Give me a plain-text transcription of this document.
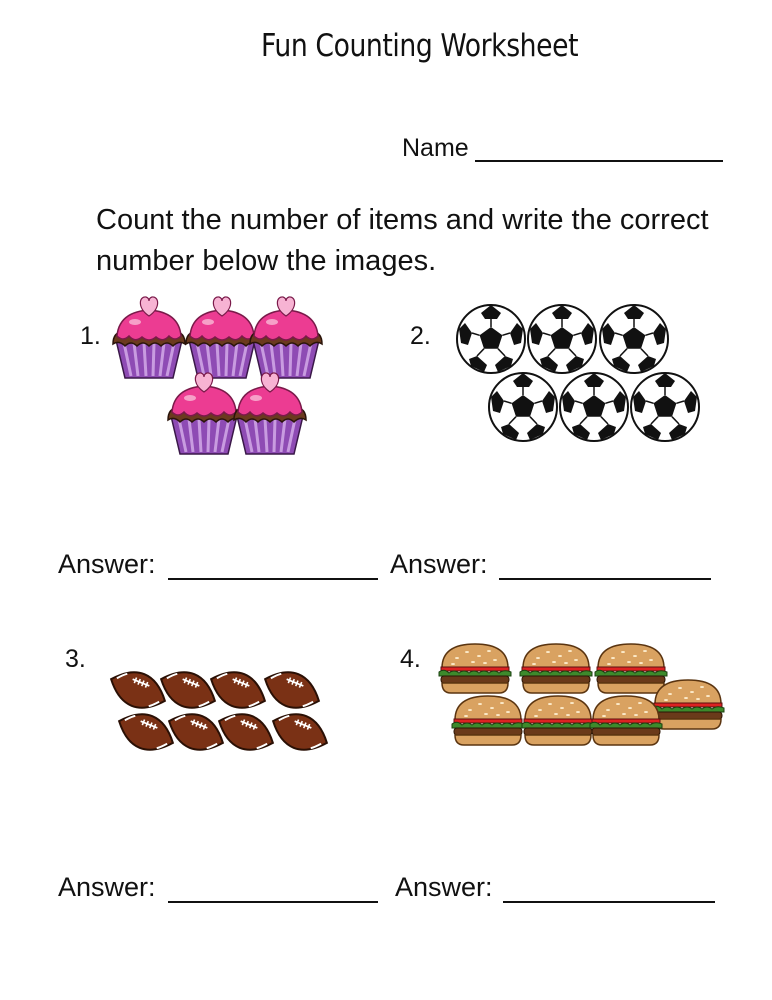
Fun Counting Worksheet
Name
Count the number of items and write the correct number below the images.
1.	2.
Answer:	Answer:
3.	4.
Answer:	Answer:
